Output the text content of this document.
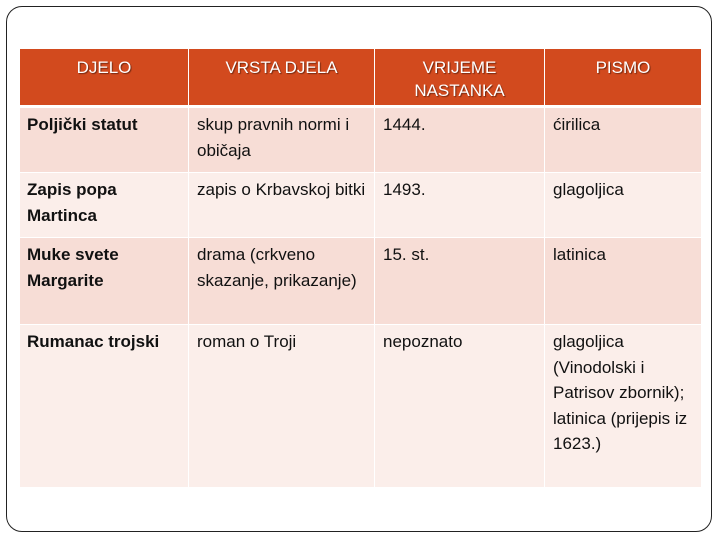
DJELO	VRSTA DJELA	VRIJEME NASTANKA	PISMO
Poljički statut	skup pravnih normi i običaja	1444.	ćirilica
Zapis popa Martinca	zapis o Krbavskoj bitki	1493.	glagoljica
Muke svete Margarite	drama (crkveno skazanje, prikazanje)	15. st.	latinica
Rumanac trojski	roman o Troji	nepoznato	glagoljica (Vinodolski i Patrisov zbornik); latinica (prijepis iz 1623.)
